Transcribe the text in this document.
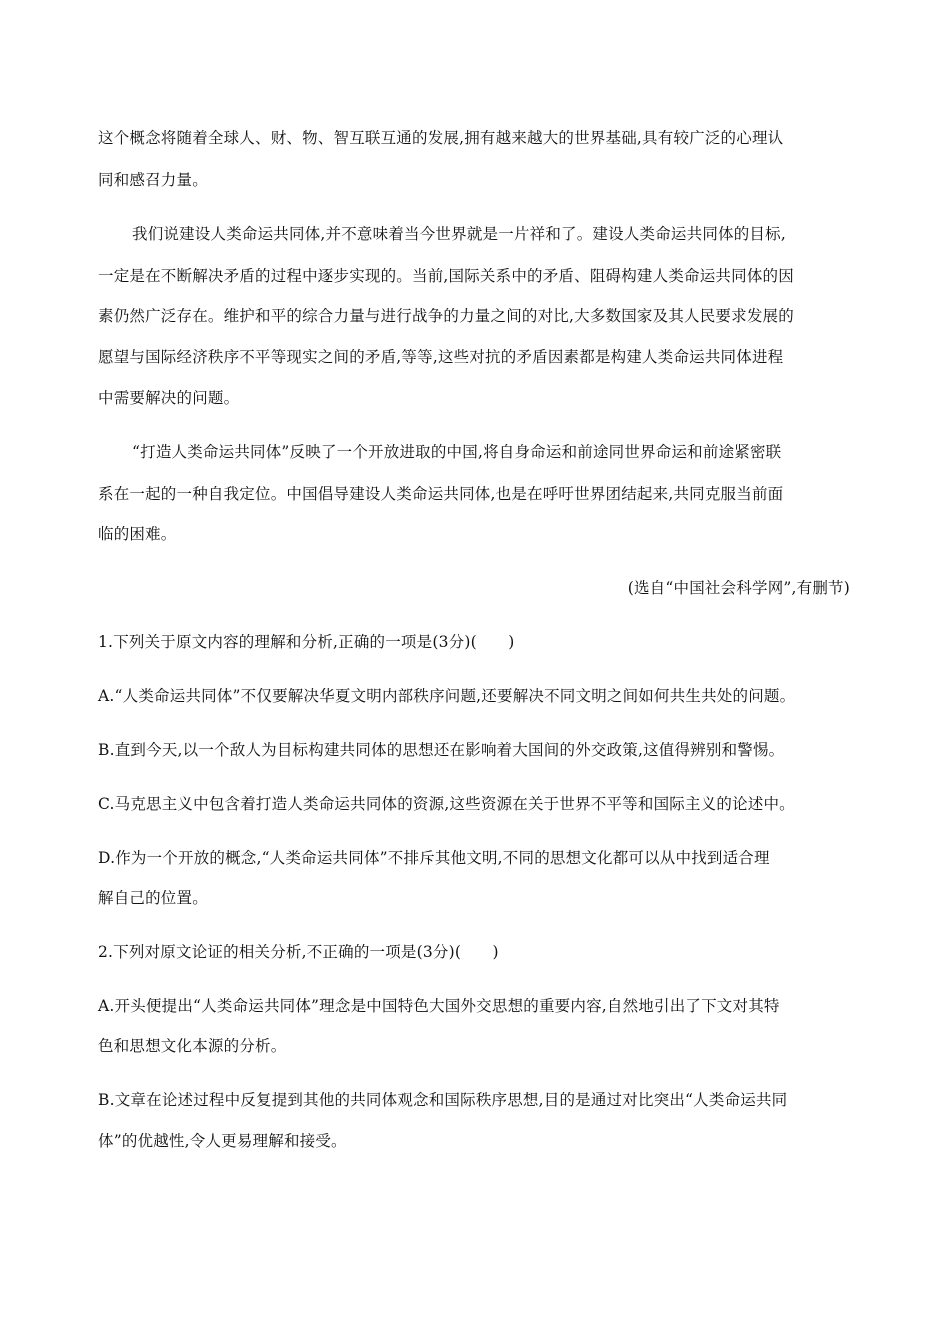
这个概念将随着全球人、财、物、智互联互通的发展,拥有越来越大的世界基础,具有较广泛的心理认
同和感召力量。
我们说建设人类命运共同体,并不意味着当今世界就是一片祥和了。建设人类命运共同体的目标,
一定是在不断解决矛盾的过程中逐步实现的。当前,国际关系中的矛盾、阻碍构建人类命运共同体的因
素仍然广泛存在。维护和平的综合力量与进行战争的力量之间的对比,大多数国家及其人民要求发展的
愿望与国际经济秩序不平等现实之间的矛盾,等等,这些对抗的矛盾因素都是构建人类命运共同体进程
中需要解决的问题。
“打造人类命运共同体”反映了一个开放进取的中国,将自身命运和前途同世界命运和前途紧密联
系在一起的一种自我定位。中国倡导建设人类命运共同体,也是在呼吁世界团结起来,共同克服当前面
临的困难。
(选自“中国社会科学网”,有删节)
1.下列关于原文内容的理解和分析,正确的一项是(3分)(　　)
A.“人类命运共同体”不仅要解决华夏文明内部秩序问题,还要解决不同文明之间如何共生共处的问题。
B.直到今天,以一个敌人为目标构建共同体的思想还在影响着大国间的外交政策,这值得辨别和警惕。
C.马克思主义中包含着打造人类命运共同体的资源,这些资源在关于世界不平等和国际主义的论述中。
D.作为一个开放的概念,“人类命运共同体”不排斥其他文明,不同的思想文化都可以从中找到适合理
解自己的位置。
2.下列对原文论证的相关分析,不正确的一项是(3分)(　　)
A.开头便提出“人类命运共同体”理念是中国特色大国外交思想的重要内容,自然地引出了下文对其特
色和思想文化本源的分析。
B.文章在论述过程中反复提到其他的共同体观念和国际秩序思想,目的是通过对比突出“人类命运共同
体”的优越性,令人更易理解和接受。
